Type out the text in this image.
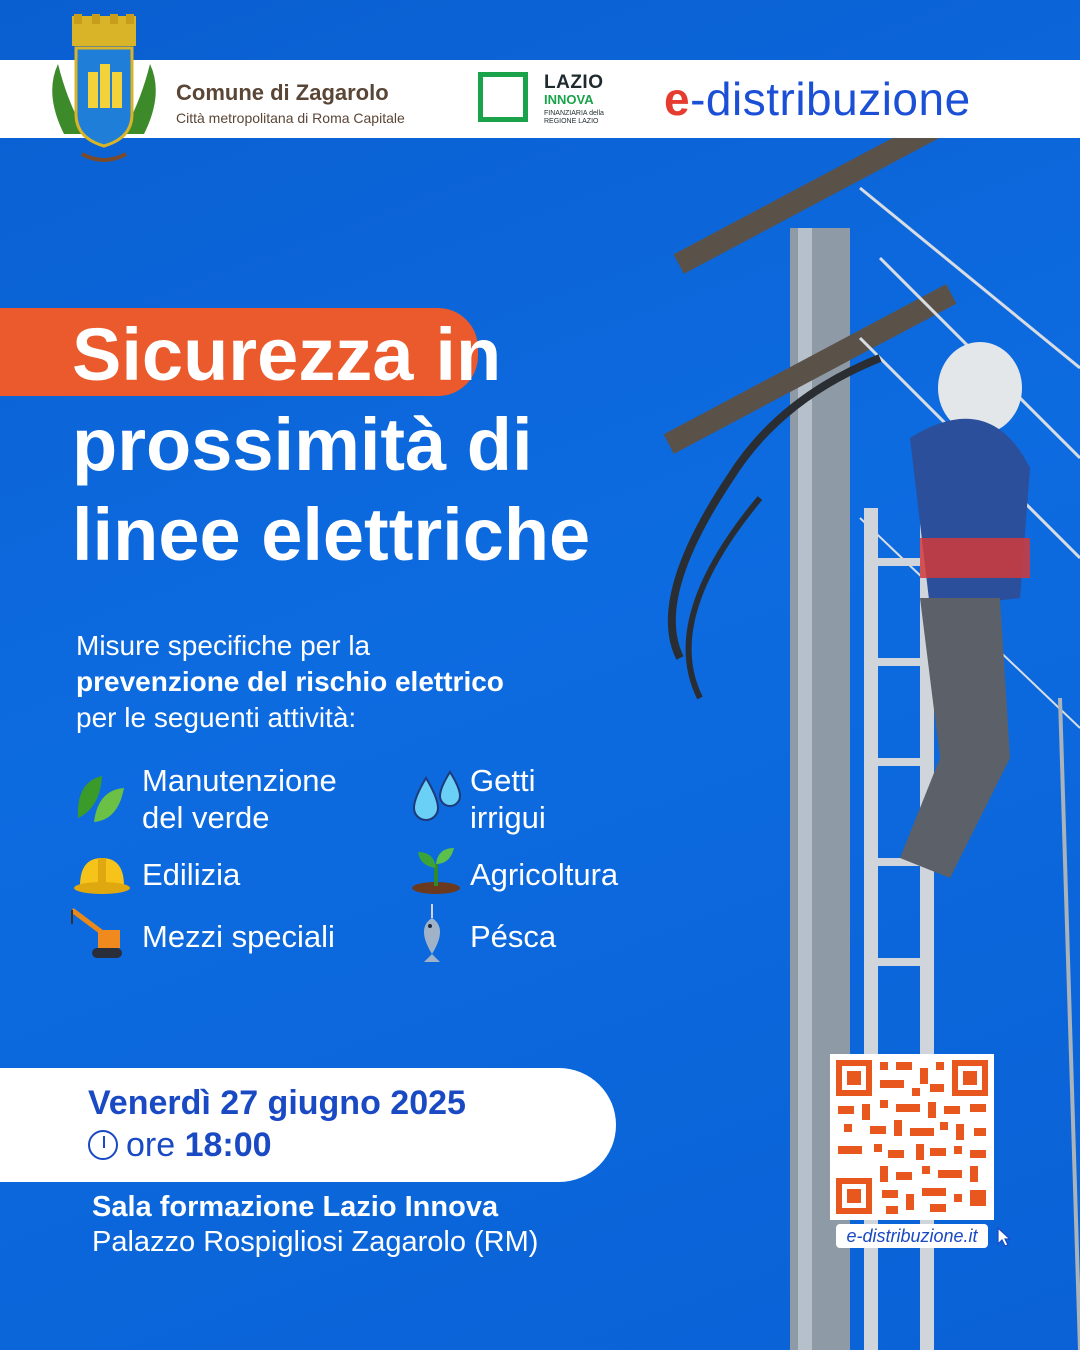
Comune di Zagarolo
Città metropolitana di Roma Capitale
LAZIO
INNOVA
FINANZIARIA della REGIONE LAZIO	e-distribuzione
Sicurezza in
prossimità di
linee elettriche
Misure specifiche per la
prevenzione del rischio elettrico
per le seguenti attività:
Manutenzione
del verde
Getti
irrigui
Edilizia	Agricoltura
Mezzi speciali	Pésca
Venerdì 27 giugno 2025
ore 18:00
Sala formazione Lazio Innova
Palazzo Rospigliosi Zagarolo (RM)	e-distribuzione.it
